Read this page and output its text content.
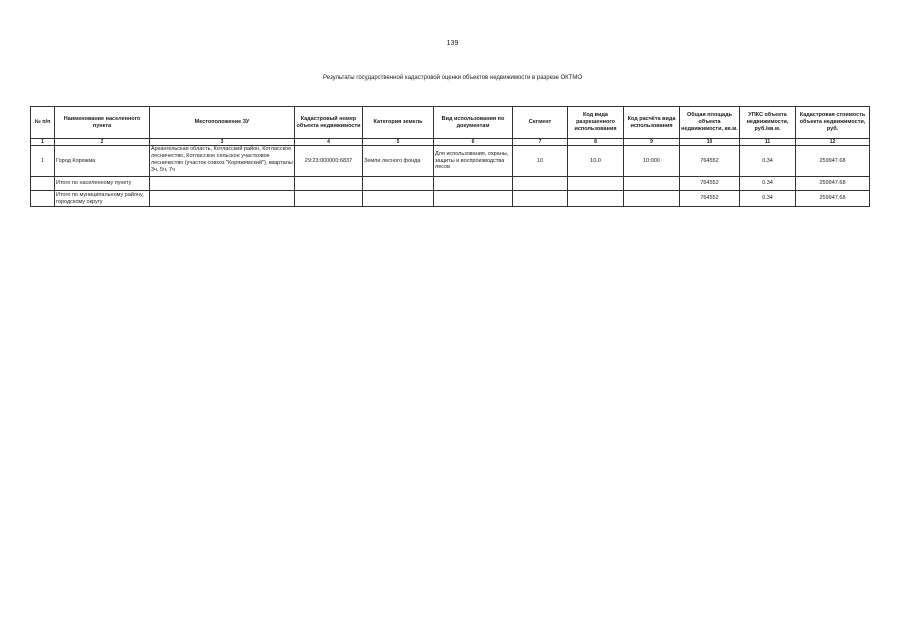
139
Результаты государственной кадастровой оценки объектов недвижимости в разрезе ОКТМО
№ п/п	Наименование населенного пункта	Местоположение ЗУ	Кадастровый номер объекта недвижимости	Категория земель	Вид использования по документам	Сегмент	Код вида разрешенного использования	Код расчёта вида использования	Общая площадь объекта недвижимости, кв.м.	УПКС объекта недвижимости, руб./кв.м.	Кадастровая стоимость объекта недвижимости, руб.
1	2	3	4	5	6	7	8	9	10	11	12
1	Город Коряжма	Архангельская область, Котласский район, Котласское лесничество, Котласское сельское участковое лесничество (участок совхоз "Коряжемский"), кварталы 3ч, 5ч, 7ч	29:23:000000:6837	Земли лесного фонда	Для использования, охраны, защиты и воспроизводства лесов	10	10.0	10:000	764552	0.34	259947.68
	Итого по населенному пункту								764552	0.34	259947.68
	Итого по муниципальному району, городскому округу								764552	0.34	259947.68
